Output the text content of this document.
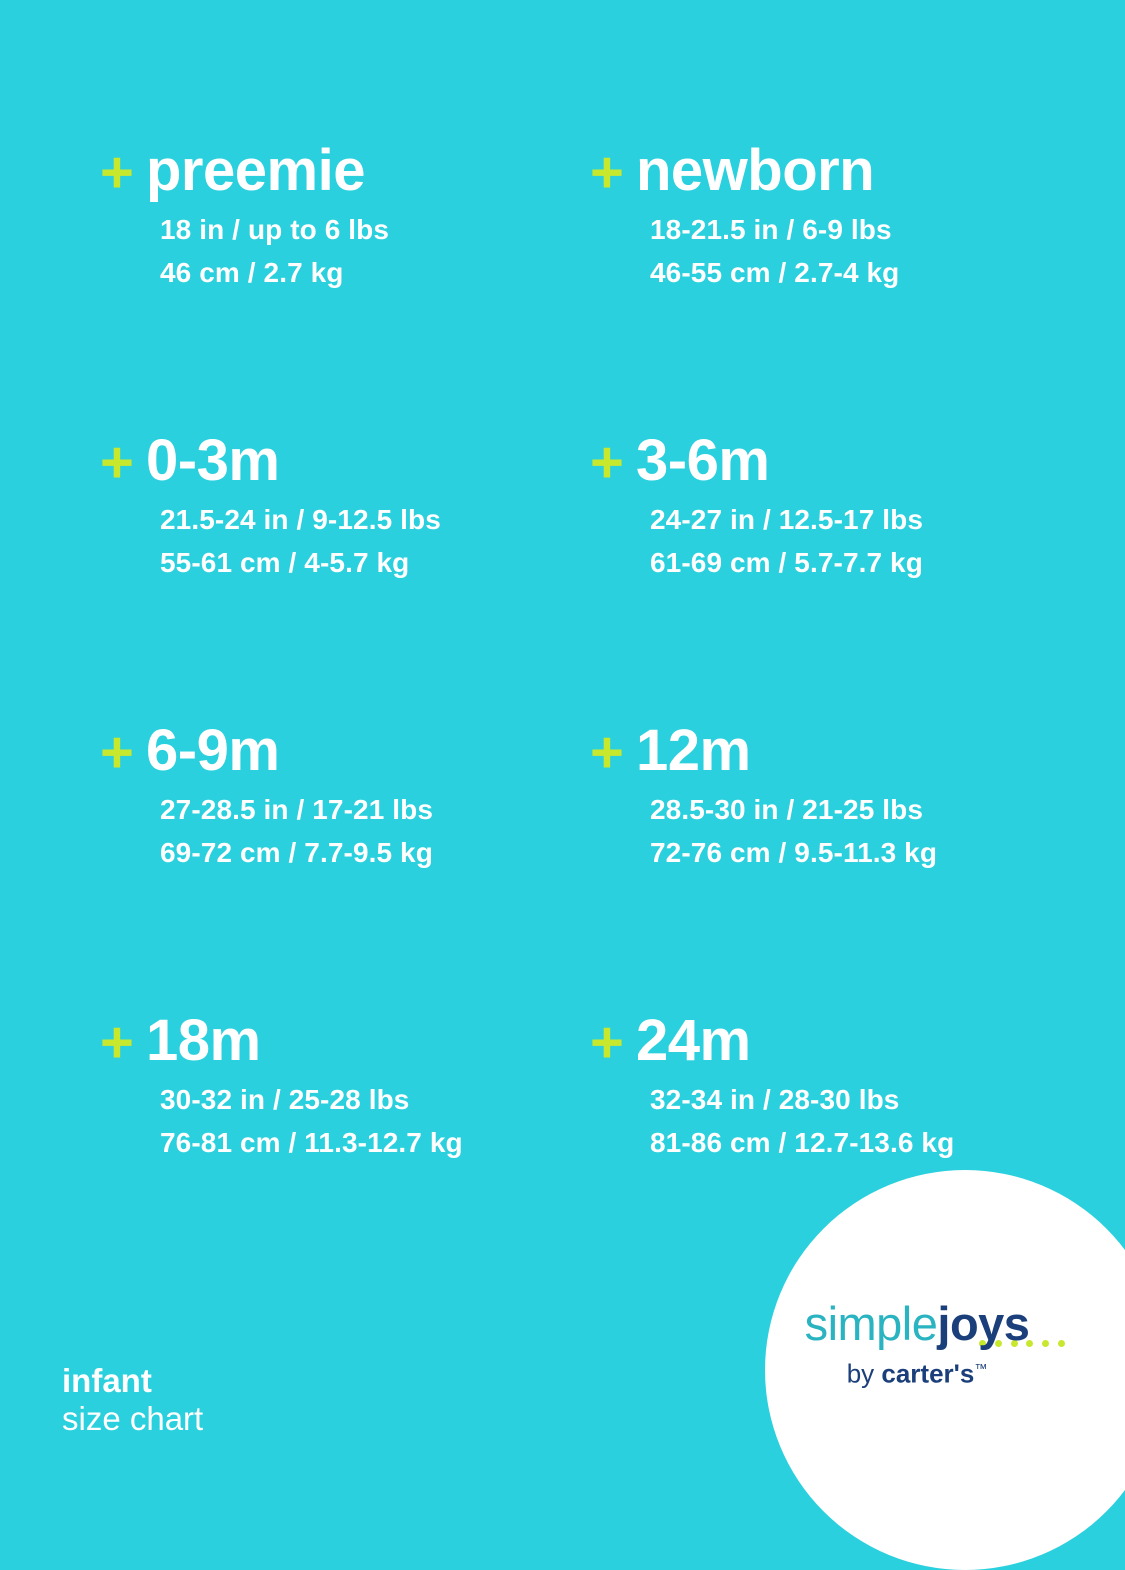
+ preemie
18 in / up to 6 lbs
46 cm / 2.7 kg
+ newborn
18-21.5 in / 6-9 lbs
46-55 cm / 2.7-4 kg
+ 0-3m
21.5-24 in / 9-12.5 lbs
55-61 cm / 4-5.7 kg
+ 3-6m
24-27 in / 12.5-17 lbs
61-69 cm / 5.7-7.7 kg
+ 6-9m
27-28.5 in / 17-21 lbs
69-72 cm / 7.7-9.5 kg
+ 12m
28.5-30 in / 21-25 lbs
72-76 cm / 9.5-11.3 kg
+ 18m
30-32 in / 25-28 lbs
76-81 cm / 11.3-12.7 kg
+ 24m
32-34 in / 28-30 lbs
81-86 cm / 12.7-13.6 kg
infant
size chart
simplejoys
by carter's™
